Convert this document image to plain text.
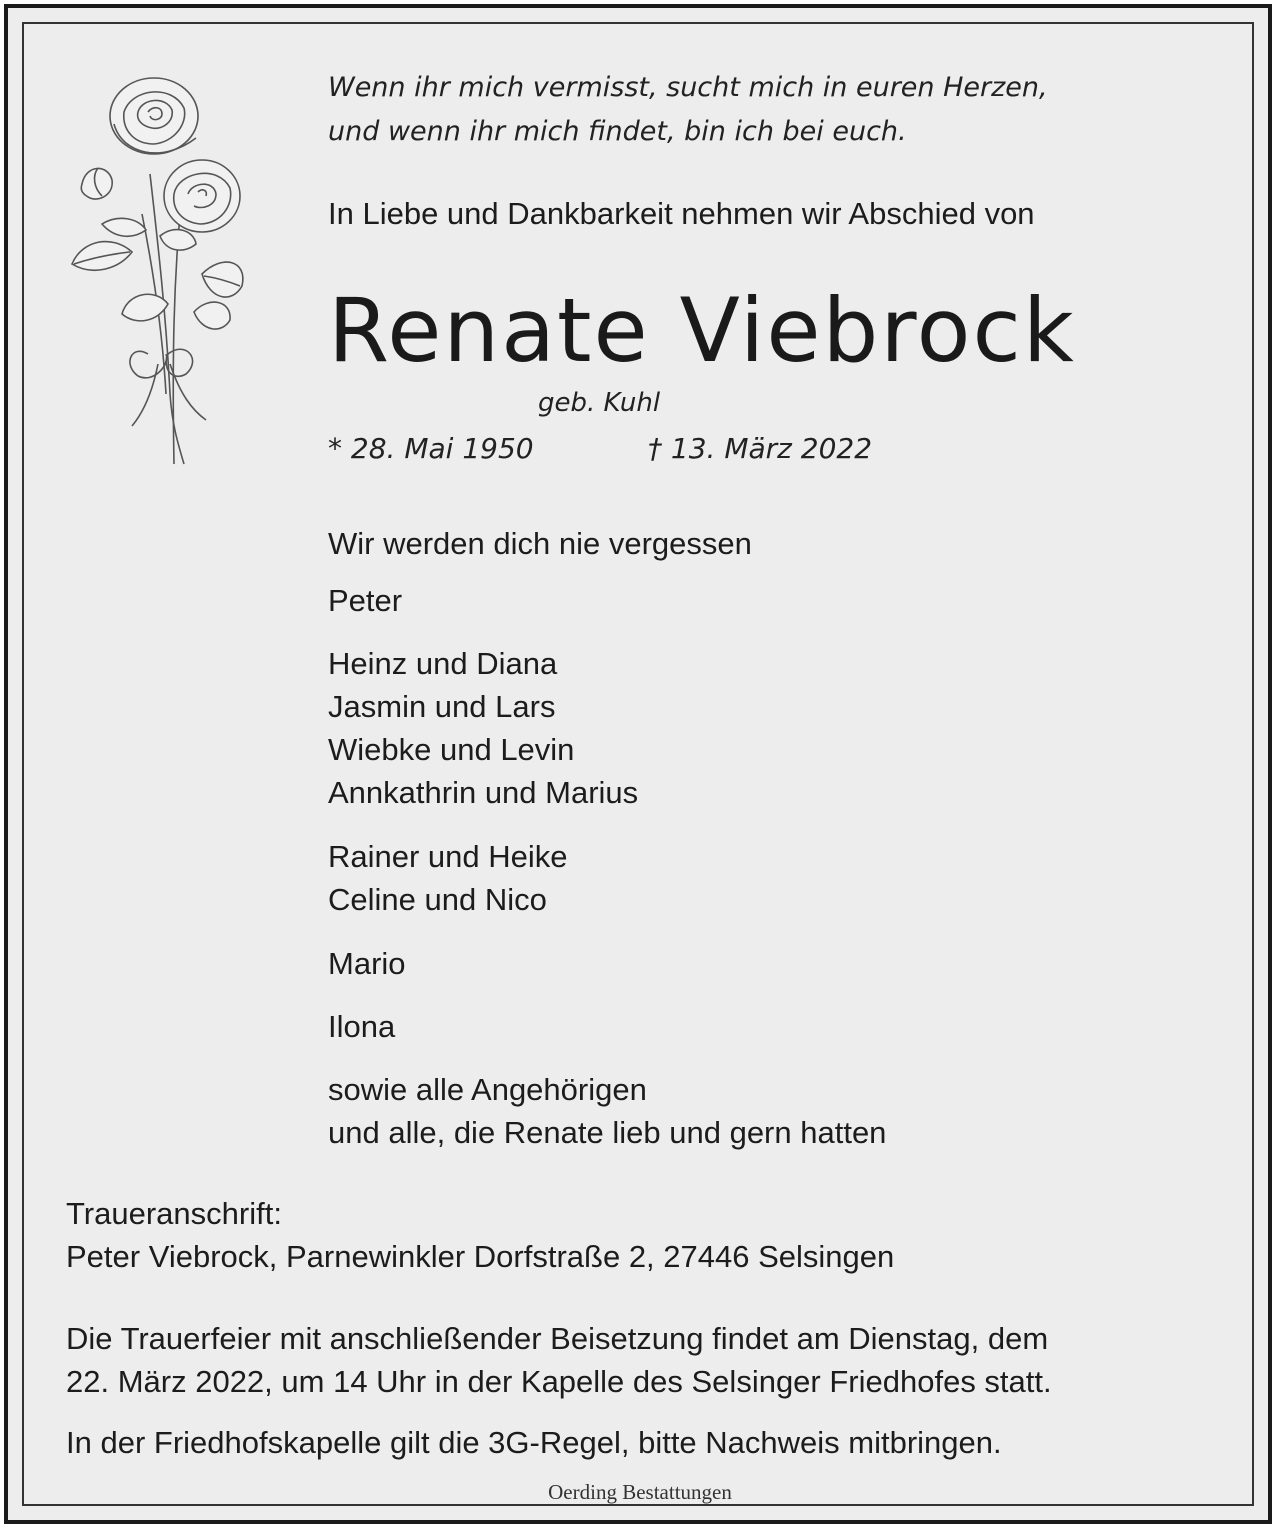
Wenn ihr mich vermisst, sucht mich in euren Herzen,
und wenn ihr mich findet, bin ich bei euch.
In Liebe und Dankbarkeit nehmen wir Abschied von
Renate Viebrock
geb. Kuhl
* 28. Mai 1950	† 13. März 2022
Wir werden dich nie vergessen
Peter
Heinz und Diana
Jasmin und Lars
Wiebke und Levin
Annkathrin und Marius
Rainer und Heike
Celine und Nico
Mario
Ilona
sowie alle Angehörigen
und alle, die Renate lieb und gern hatten
Traueranschrift:
Peter Viebrock, Parnewinkler Dorfstraße 2, 27446 Selsingen
Die Trauerfeier mit anschließender Beisetzung findet am Dienstag, dem
22. März 2022, um 14 Uhr in der Kapelle des Selsinger Friedhofes statt.
In der Friedhofskapelle gilt die 3G-Regel, bitte Nachweis mitbringen.
Oerding Bestattungen
